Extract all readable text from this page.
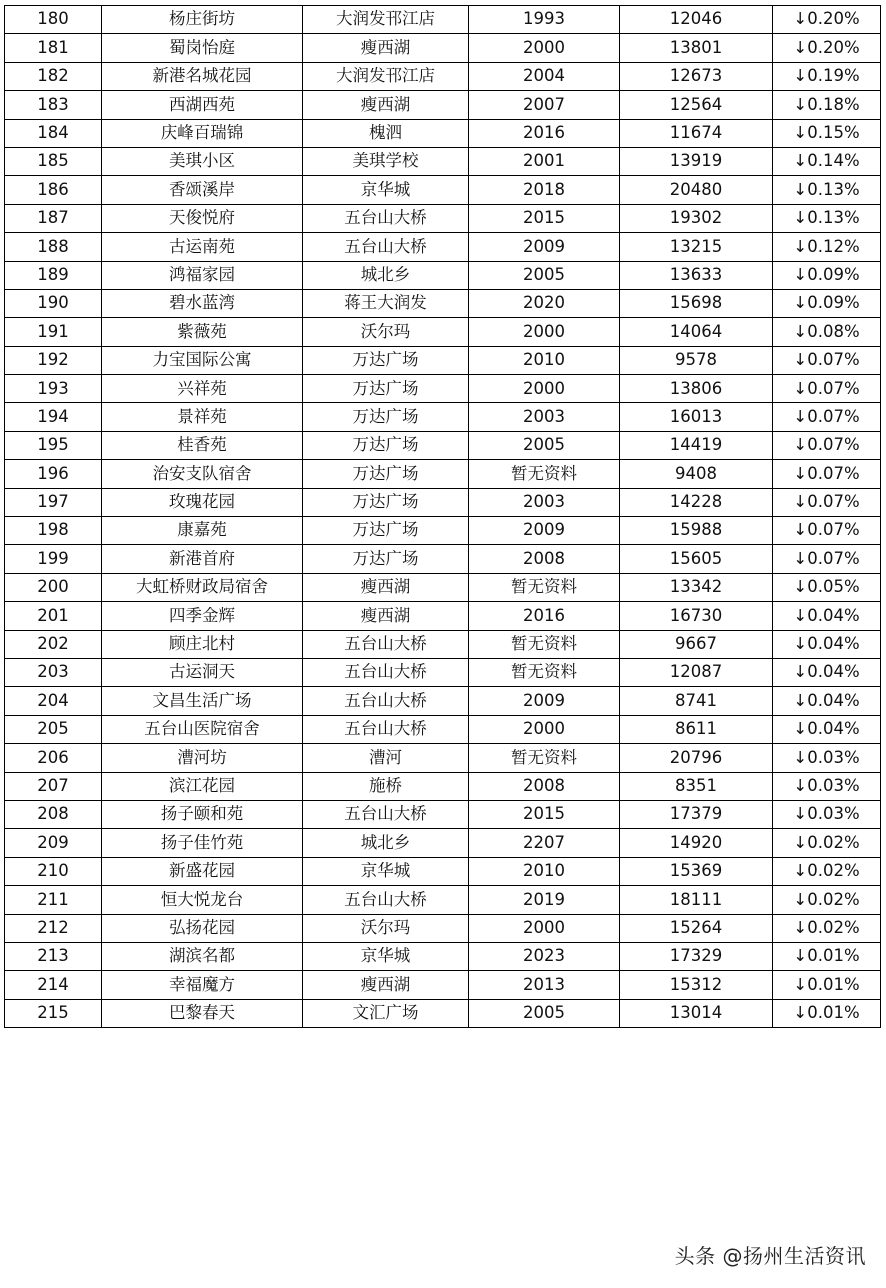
180	杨庄街坊	大润发邗江店	1993	12046	↓0.20%
181	蜀岗怡庭	瘦西湖	2000	13801	↓0.20%
182	新港名城花园	大润发邗江店	2004	12673	↓0.19%
183	西湖西苑	瘦西湖	2007	12564	↓0.18%
184	庆峰百瑞锦	槐泗	2016	11674	↓0.15%
185	美琪小区	美琪学校	2001	13919	↓0.14%
186	香颂溪岸	京华城	2018	20480	↓0.13%
187	天俊悦府	五台山大桥	2015	19302	↓0.13%
188	古运南苑	五台山大桥	2009	13215	↓0.12%
189	鸿福家园	城北乡	2005	13633	↓0.09%
190	碧水蓝湾	蒋王大润发	2020	15698	↓0.09%
191	紫薇苑	沃尔玛	2000	14064	↓0.08%
192	力宝国际公寓	万达广场	2010	9578	↓0.07%
193	兴祥苑	万达广场	2000	13806	↓0.07%
194	景祥苑	万达广场	2003	16013	↓0.07%
195	桂香苑	万达广场	2005	14419	↓0.07%
196	治安支队宿舍	万达广场	暂无资料	9408	↓0.07%
197	玫瑰花园	万达广场	2003	14228	↓0.07%
198	康嘉苑	万达广场	2009	15988	↓0.07%
199	新港首府	万达广场	2008	15605	↓0.07%
200	大虹桥财政局宿舍	瘦西湖	暂无资料	13342	↓0.05%
201	四季金辉	瘦西湖	2016	16730	↓0.04%
202	顾庄北村	五台山大桥	暂无资料	9667	↓0.04%
203	古运洞天	五台山大桥	暂无资料	12087	↓0.04%
204	文昌生活广场	五台山大桥	2009	8741	↓0.04%
205	五台山医院宿舍	五台山大桥	2000	8611	↓0.04%
206	漕河坊	漕河	暂无资料	20796	↓0.03%
207	滨江花园	施桥	2008	8351	↓0.03%
208	扬子颐和苑	五台山大桥	2015	17379	↓0.03%
209	扬子佳竹苑	城北乡	2207	14920	↓0.02%
210	新盛花园	京华城	2010	15369	↓0.02%
211	恒大悦龙台	五台山大桥	2019	18111	↓0.02%
212	弘扬花园	沃尔玛	2000	15264	↓0.02%
213	湖滨名都	京华城	2023	17329	↓0.01%
214	幸福魔方	瘦西湖	2013	15312	↓0.01%
215	巴黎春天	文汇广场	2005	13014	↓0.01%
头条 @扬州生活资讯
